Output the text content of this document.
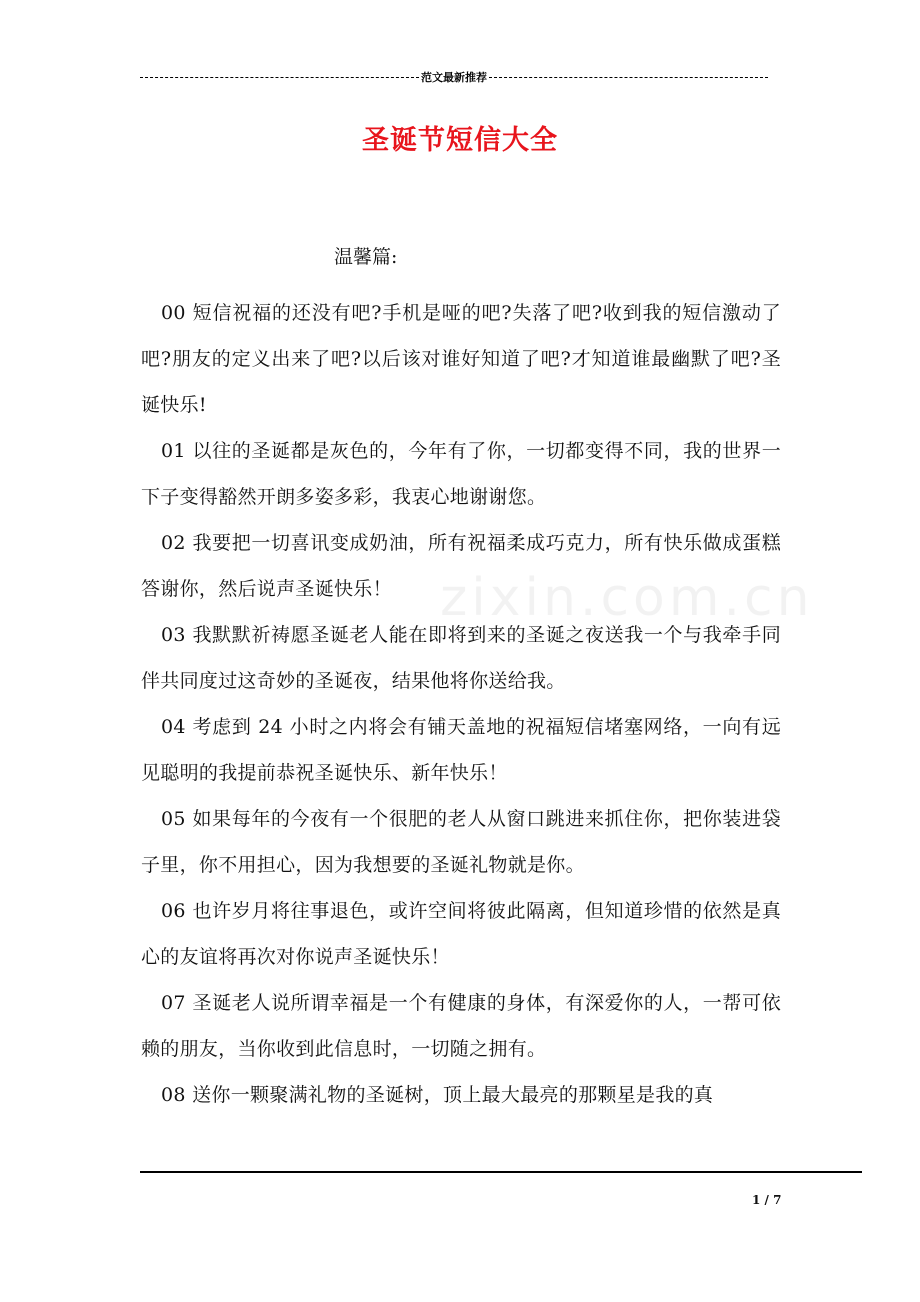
范文最新推荐
圣诞节短信大全
温馨篇:
zixin.com.cn

00 短信祝福的还没有吧?手机是哑的吧?失落了吧?收到我的短信激动了吧?朋友的定义出来了吧?以后该对谁好知道了吧?才知道谁最幽默了吧?圣诞快乐!

01 以往的圣诞都是灰色的，今年有了你，一切都变得不同，我的世界一下子变得豁然开朗多姿多彩，我衷心地谢谢您。

02 我要把一切喜讯变成奶油，所有祝福柔成巧克力，所有快乐做成蛋糕答谢你，然后说声圣诞快乐！

03 我默默祈祷愿圣诞老人能在即将到来的圣诞之夜送我一个与我牵手同伴共同度过这奇妙的圣诞夜，结果他将你送给我。

04 考虑到 24 小时之内将会有铺天盖地的祝福短信堵塞网络，一向有远见聪明的我提前恭祝圣诞快乐、新年快乐！

05 如果每年的今夜有一个很肥的老人从窗口跳进来抓住你，把你装进袋子里，你不用担心，因为我想要的圣诞礼物就是你。

06 也许岁月将往事退色，或许空间将彼此隔离，但知道珍惜的依然是真心的友谊将再次对你说声圣诞快乐！

07 圣诞老人说所谓幸福是一个有健康的身体，有深爱你的人，一帮可依赖的朋友，当你收到此信息时，一切随之拥有。

08 送你一颗聚满礼物的圣诞树，顶上最大最亮的那颗星是我的真

1 / 7
